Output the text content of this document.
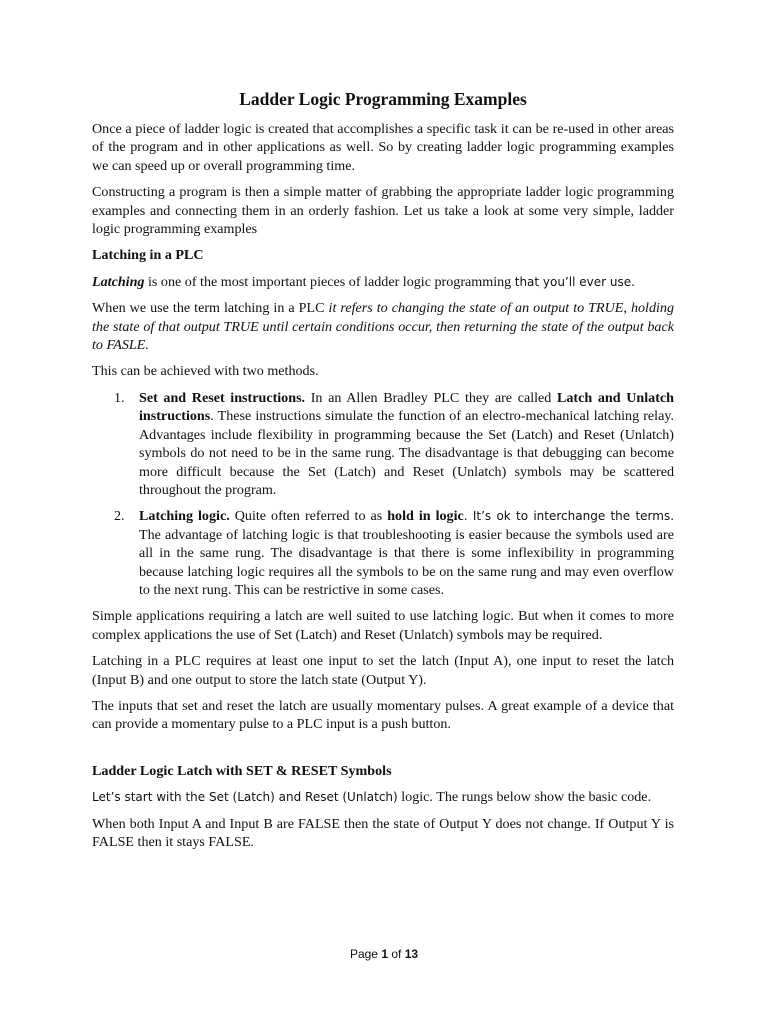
Ladder Logic Programming Examples

Once a piece of ladder logic is created that accomplishes a specific task it can be re-used in other areas of the program and in other applications as well. So by creating ladder logic programming examples we can speed up or overall programming time.

Constructing a program is then a simple matter of grabbing the appropriate ladder logic programming examples and connecting them in an orderly fashion. Let us take a look at some very simple, ladder logic programming examples

Latching in a PLC

Latching is one of the most important pieces of ladder logic programming that you’ll ever use.

When we use the term latching in a PLC it refers to changing the state of an output to TRUE, holding the state of that output TRUE until certain conditions occur, then returning the state of the output back to FASLE.

This can be achieved with two methods.

1. Set and Reset instructions. In an Allen Bradley PLC they are called Latch and Unlatch instructions. These instructions simulate the function of an electro-mechanical latching relay. Advantages include flexibility in programming because the Set (Latch) and Reset (Unlatch) symbols do not need to be in the same rung. The disadvantage is that debugging can become more difficult because the Set (Latch) and Reset (Unlatch) symbols may be scattered throughout the program.
2. Latching logic. Quite often referred to as hold in logic. It’s ok to interchange the terms. The advantage of latching logic is that troubleshooting is easier because the symbols used are all in the same rung. The disadvantage is that there is some inflexibility in programming because latching logic requires all the symbols to be on the same rung and may even overflow to the next rung. This can be restrictive in some cases.

Simple applications requiring a latch are well suited to use latching logic. But when it comes to more complex applications the use of Set (Latch) and Reset (Unlatch) symbols may be required.

Latching in a PLC requires at least one input to set the latch (Input A), one input to reset the latch (Input B) and one output to store the latch state (Output Y).

The inputs that set and reset the latch are usually momentary pulses. A great example of a device that can provide a momentary pulse to a PLC input is a push button.

Ladder Logic Latch with SET & RESET Symbols

Let’s start with the Set (Latch) and Reset (Unlatch) logic. The rungs below show the basic code.

When both Input A and Input B are FALSE then the state of Output Y does not change. If Output Y is FALSE then it stays FALSE.

Page 1 of 13
